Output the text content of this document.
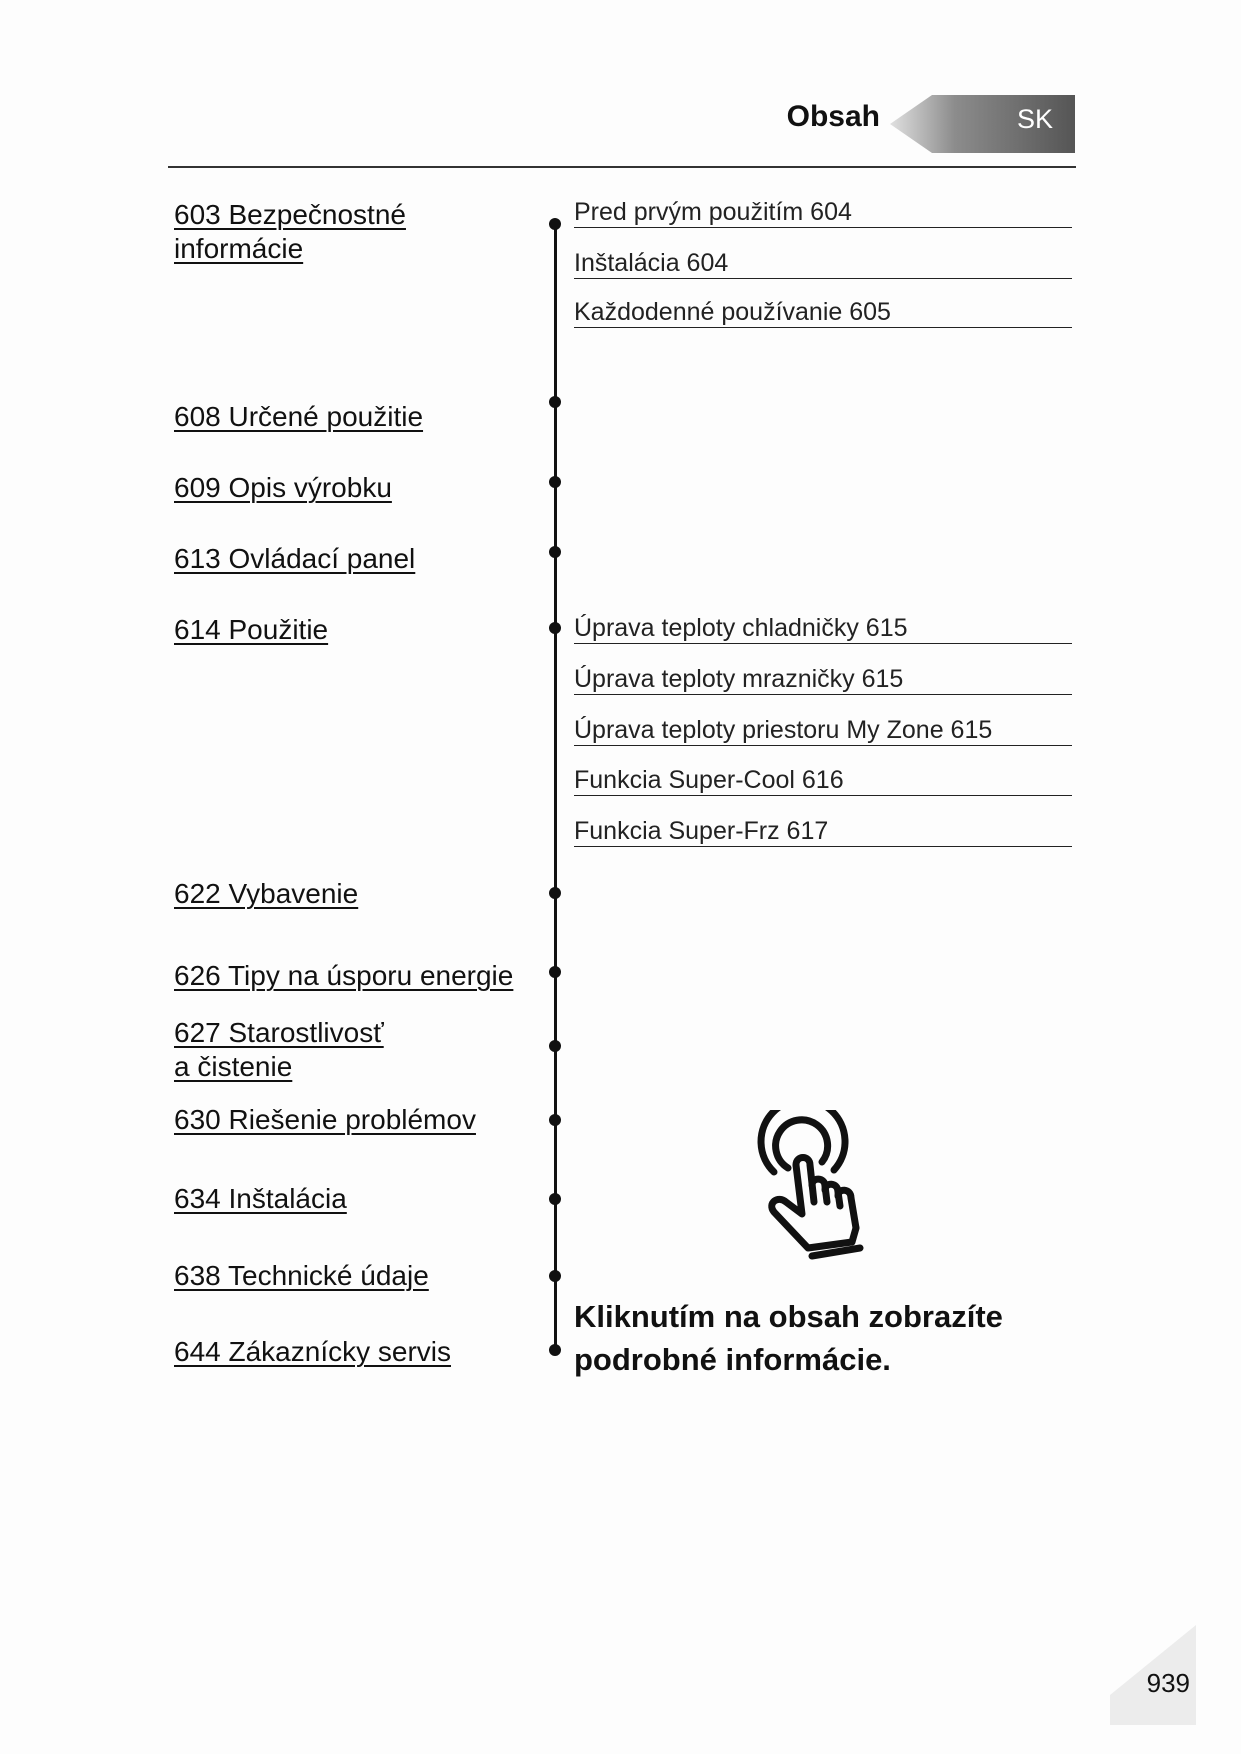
Obsah	SK
603 Bezpečnostné
informácie
608 Určené použitie
609 Opis výrobku
613 Ovládací panel
614 Použitie
622 Vybavenie
626 Tipy na úsporu energie
627 Starostlivosť
a čistenie
630 Riešenie problémov
634 Inštalácia
638 Technické údaje
644 Zákaznícky servis
Pred prvým použitím 604
Inštalácia 604
Každodenné používanie 605
Úprava teploty chladničky 615
Úprava teploty mrazničky 615
Úprava teploty priestoru My Zone 615
Funkcia Super-Cool 616
Funkcia Super-Frz 617
Kliknutím na obsah zobrazíte
podrobné informácie.
939
